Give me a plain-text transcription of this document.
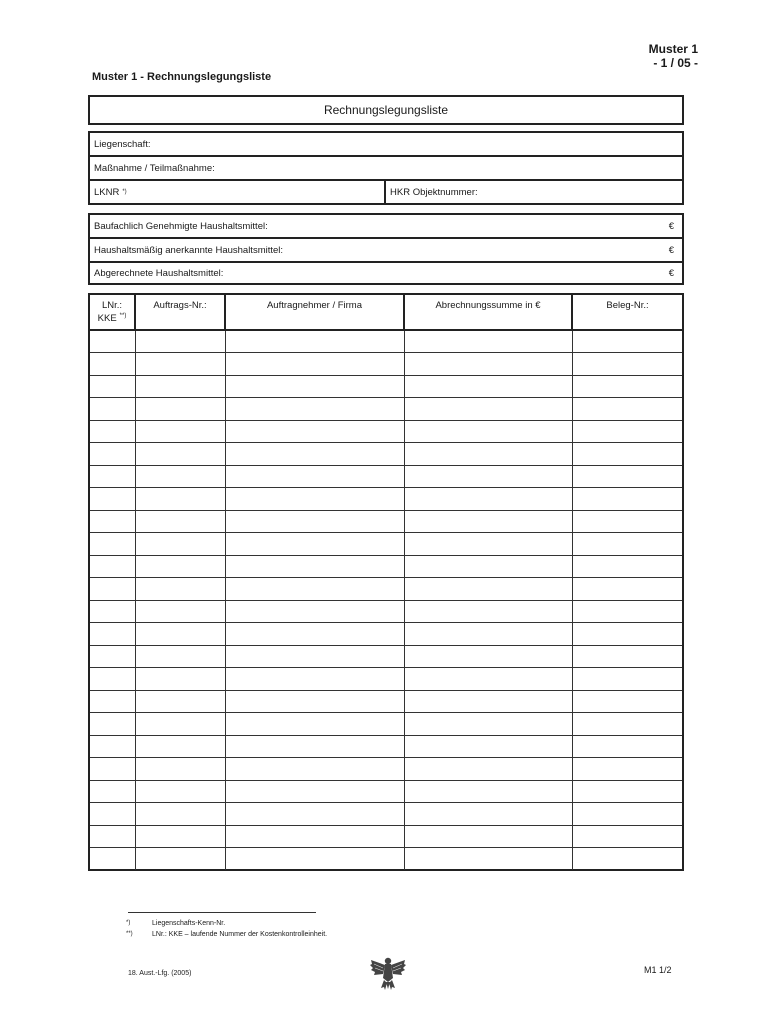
Muster 1
- 1 / 05 -
Muster 1 - Rechnungslegungsliste
Rechnungslegungsliste
Liegenschaft:
Maßnahme / Teilmaßnahme:
LKNR *)	HKR Objektnummer:
Baufachlich Genehmigte Haushaltsmittel:	€
Haushaltsmäßig anerkannte Haushaltsmittel:	€
Abgerechnete Haushaltsmittel:	€
LNr.:
KKE **)	Auftrags-Nr.:	Auftragnehmer / Firma	Abrechnungssumme in €	Beleg-Nr.:

*)	Liegenschafts-Kenn-Nr.
**)	LNr.: KKE – laufende Nummer der Kostenkontrolleinheit.
18. Aust.-Lfg. (2005)	M1 1/2
